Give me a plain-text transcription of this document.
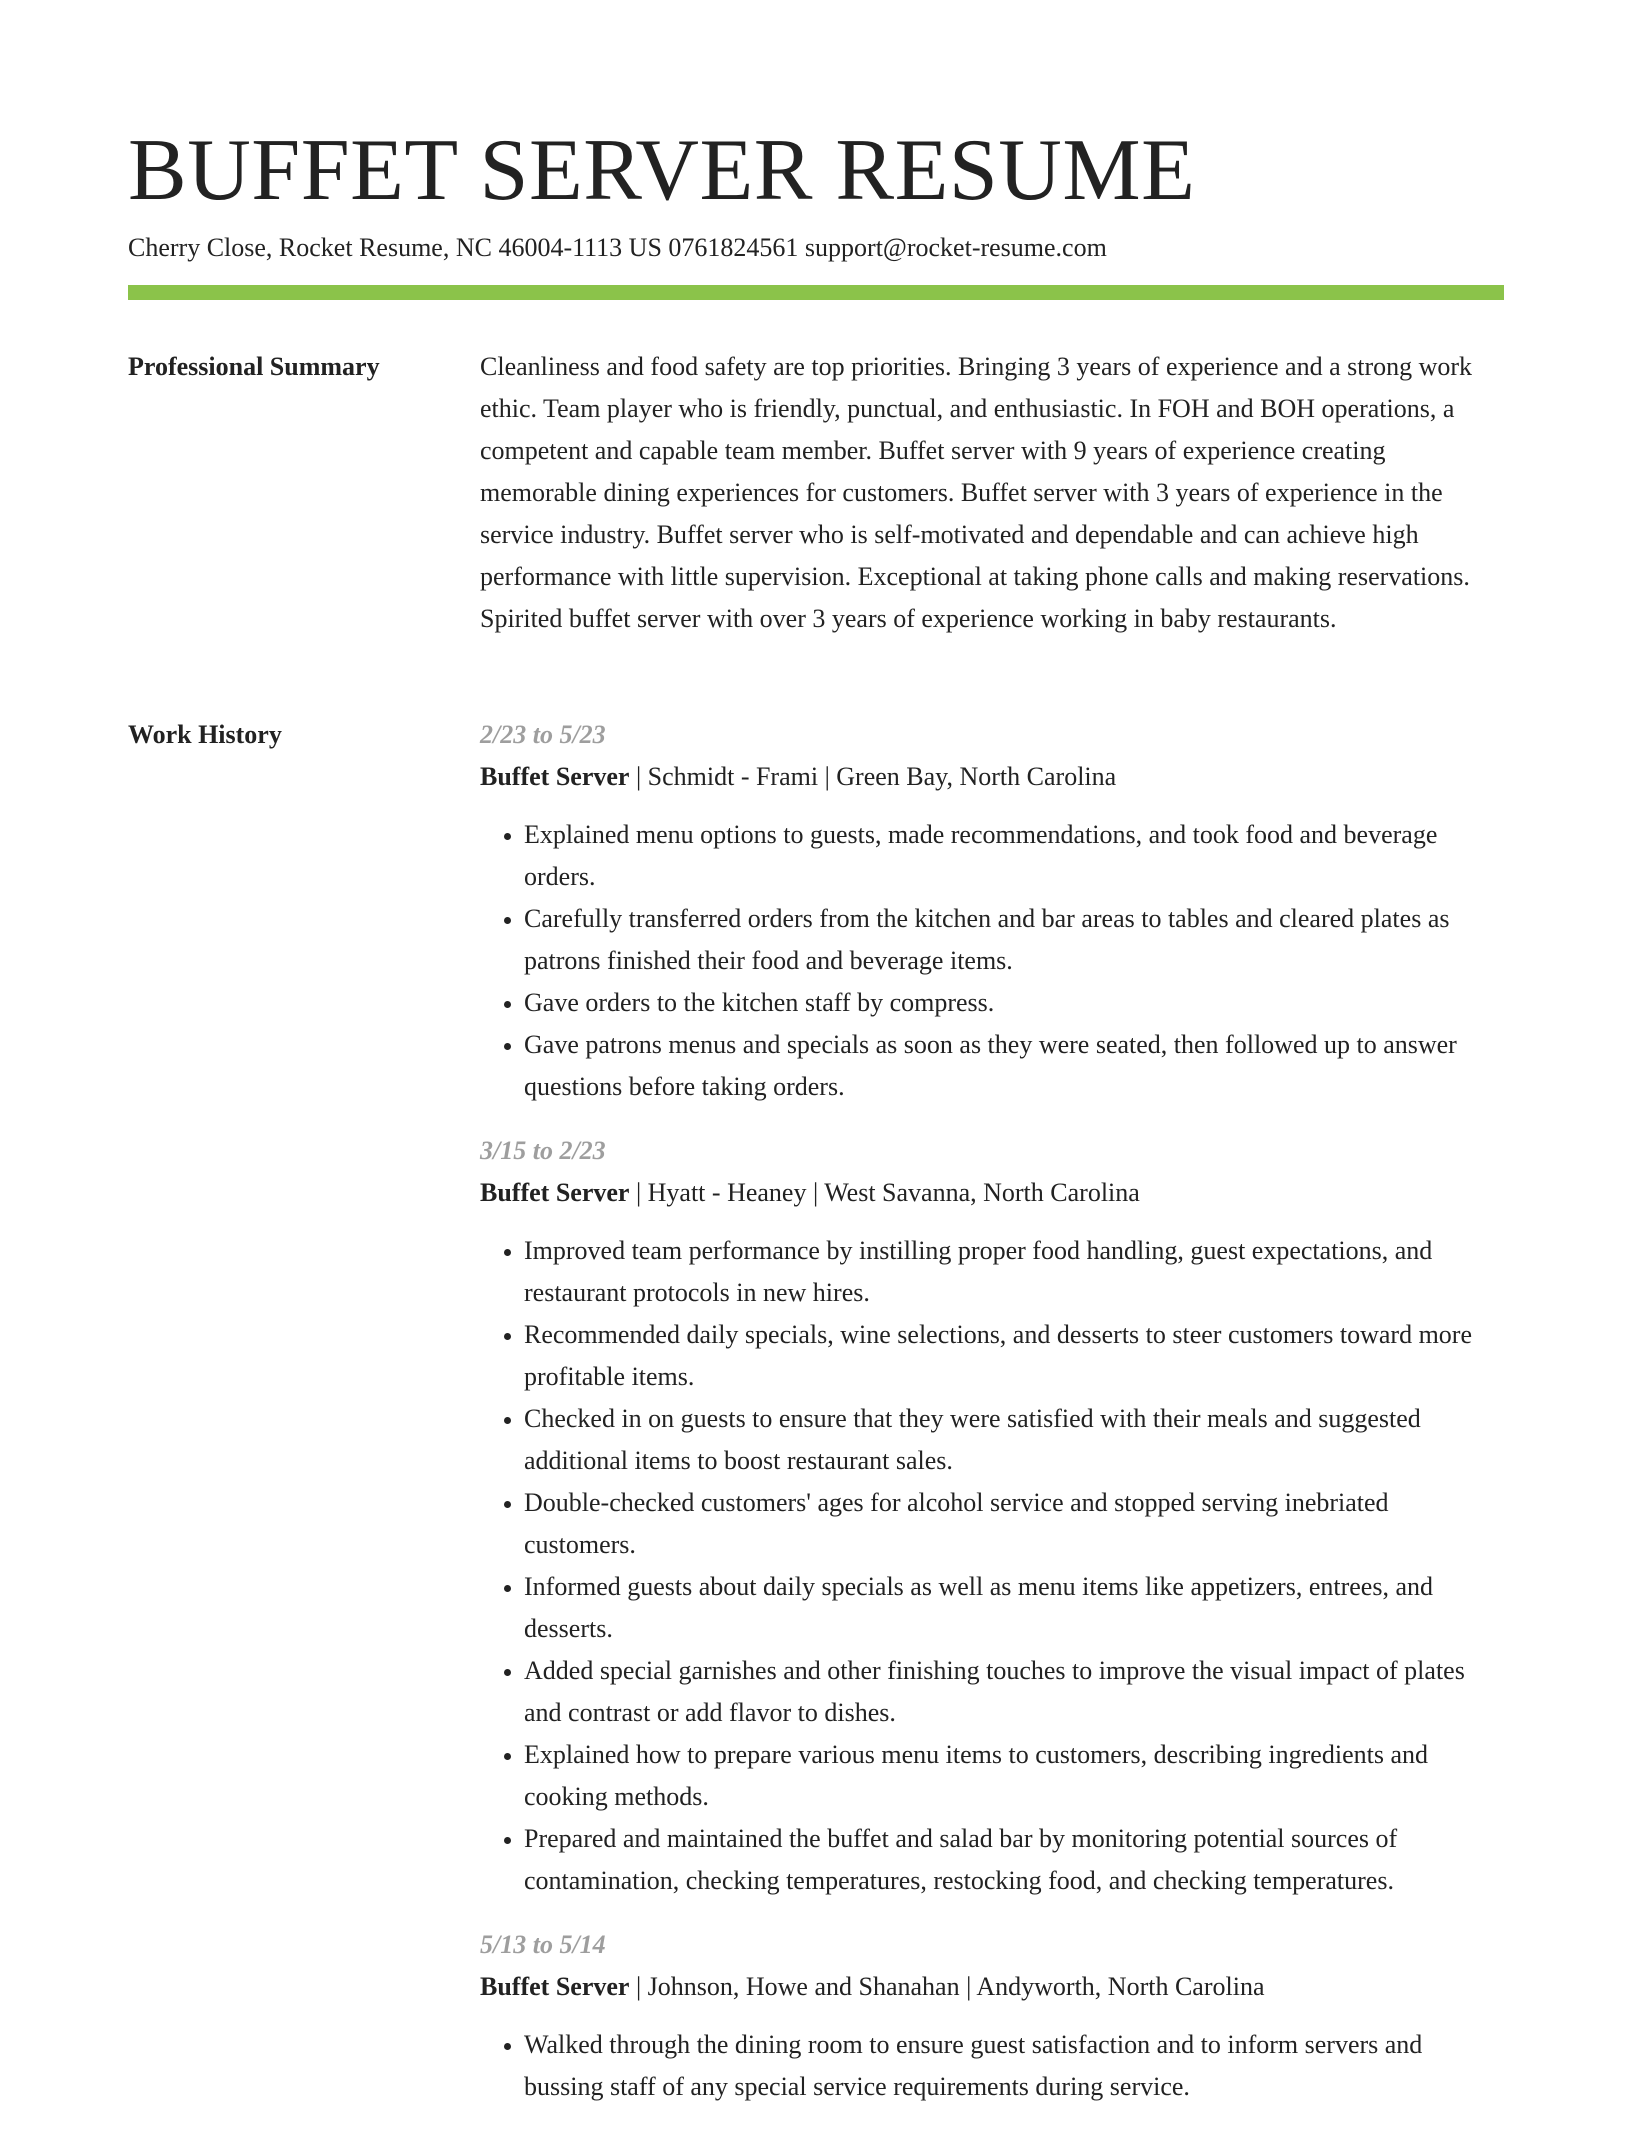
BUFFET SERVER RESUME
Cherry Close, Rocket Resume, NC 46004-1113 US 0761824561 support@rocket-resume.com
Professional Summary	Cleanliness and food safety are top priorities. Bringing 3 years of experience and a strong work ethic. Team player who is friendly, punctual, and enthusiastic. In FOH and BOH operations, a competent and capable team member. Buffet server with 9 years of experience creating memorable dining experiences for customers. Buffet server with 3 years of experience in the service industry. Buffet server who is self-motivated and dependable and can achieve high performance with little supervision. Exceptional at taking phone calls and making reservations. Spirited buffet server with over 3 years of experience working in baby restaurants.

Work History	2/23 to 5/23
Buffet Server | Schmidt - Frami | Green Bay, North Carolina
• Explained menu options to guests, made recommendations, and took food and beverage orders.
• Carefully transferred orders from the kitchen and bar areas to tables and cleared plates as patrons finished their food and beverage items.
• Gave orders to the kitchen staff by compress.
• Gave patrons menus and specials as soon as they were seated, then followed up to answer questions before taking orders.
3/15 to 2/23
Buffet Server | Hyatt - Heaney | West Savanna, North Carolina
• Improved team performance by instilling proper food handling, guest expectations, and restaurant protocols in new hires.
• Recommended daily specials, wine selections, and desserts to steer customers toward more profitable items.
• Checked in on guests to ensure that they were satisfied with their meals and suggested additional items to boost restaurant sales.
• Double-checked customers' ages for alcohol service and stopped serving inebriated customers.
• Informed guests about daily specials as well as menu items like appetizers, entrees, and desserts.
• Added special garnishes and other finishing touches to improve the visual impact of plates and contrast or add flavor to dishes.
• Explained how to prepare various menu items to customers, describing ingredients and cooking methods.
• Prepared and maintained the buffet and salad bar by monitoring potential sources of contamination, checking temperatures, restocking food, and checking temperatures.
5/13 to 5/14
Buffet Server | Johnson, Howe and Shanahan | Andyworth, North Carolina
• Walked through the dining room to ensure guest satisfaction and to inform servers and bussing staff of any special service requirements during service.
